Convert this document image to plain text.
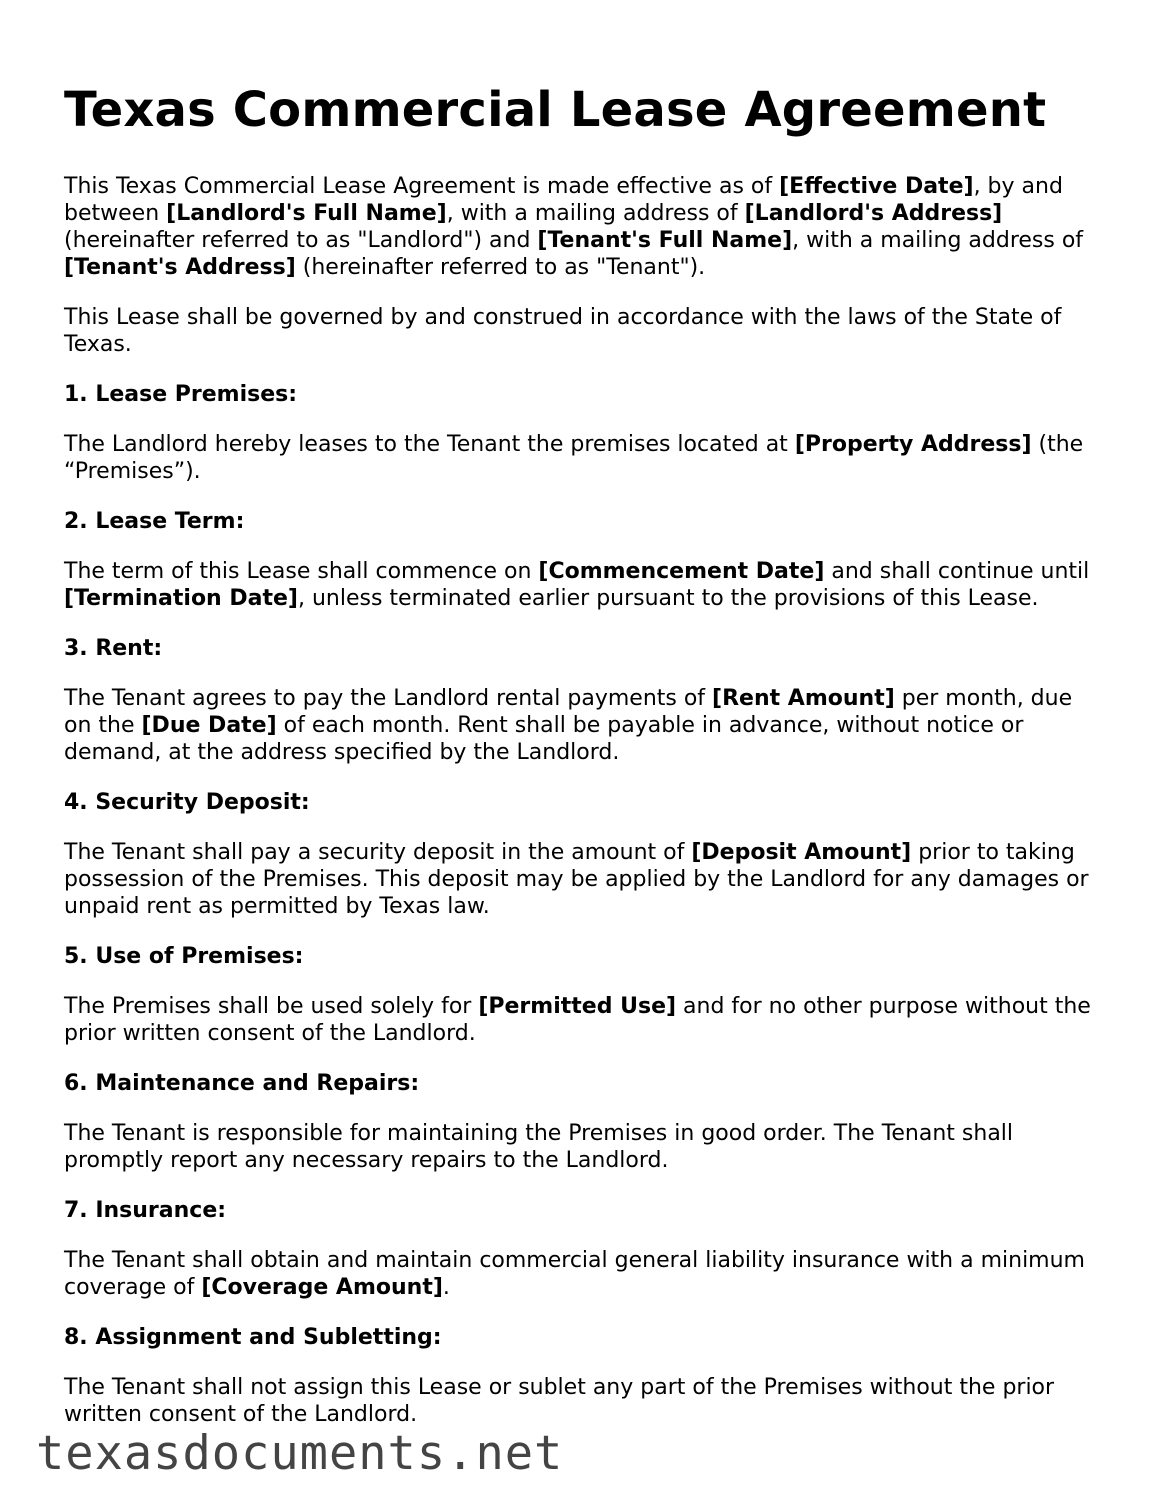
Texas Commercial Lease Agreement

This Texas Commercial Lease Agreement is made effective as of [Effective Date], by and between [Landlord's Full Name], with a mailing address of [Landlord's Address] (hereinafter referred to as "Landlord") and [Tenant's Full Name], with a mailing address of [Tenant's Address] (hereinafter referred to as "Tenant").

This Lease shall be governed by and construed in accordance with the laws of the State of Texas.

1. Lease Premises:

The Landlord hereby leases to the Tenant the premises located at [Property Address] (the “Premises”).

2. Lease Term:

The term of this Lease shall commence on [Commencement Date] and shall continue until [Termination Date], unless terminated earlier pursuant to the provisions of this Lease.

3. Rent:

The Tenant agrees to pay the Landlord rental payments of [Rent Amount] per month, due on the [Due Date] of each month. Rent shall be payable in advance, without notice or demand, at the address specified by the Landlord.

4. Security Deposit:

The Tenant shall pay a security deposit in the amount of [Deposit Amount] prior to taking possession of the Premises. This deposit may be applied by the Landlord for any damages or unpaid rent as permitted by Texas law.

5. Use of Premises:

The Premises shall be used solely for [Permitted Use] and for no other purpose without the prior written consent of the Landlord.

6. Maintenance and Repairs:

The Tenant is responsible for maintaining the Premises in good order. The Tenant shall promptly report any necessary repairs to the Landlord.

7. Insurance:

The Tenant shall obtain and maintain commercial general liability insurance with a minimum coverage of [Coverage Amount].

8. Assignment and Subletting:

The Tenant shall not assign this Lease or sublet any part of the Premises without the prior written consent of the Landlord.

texasdocuments.net
